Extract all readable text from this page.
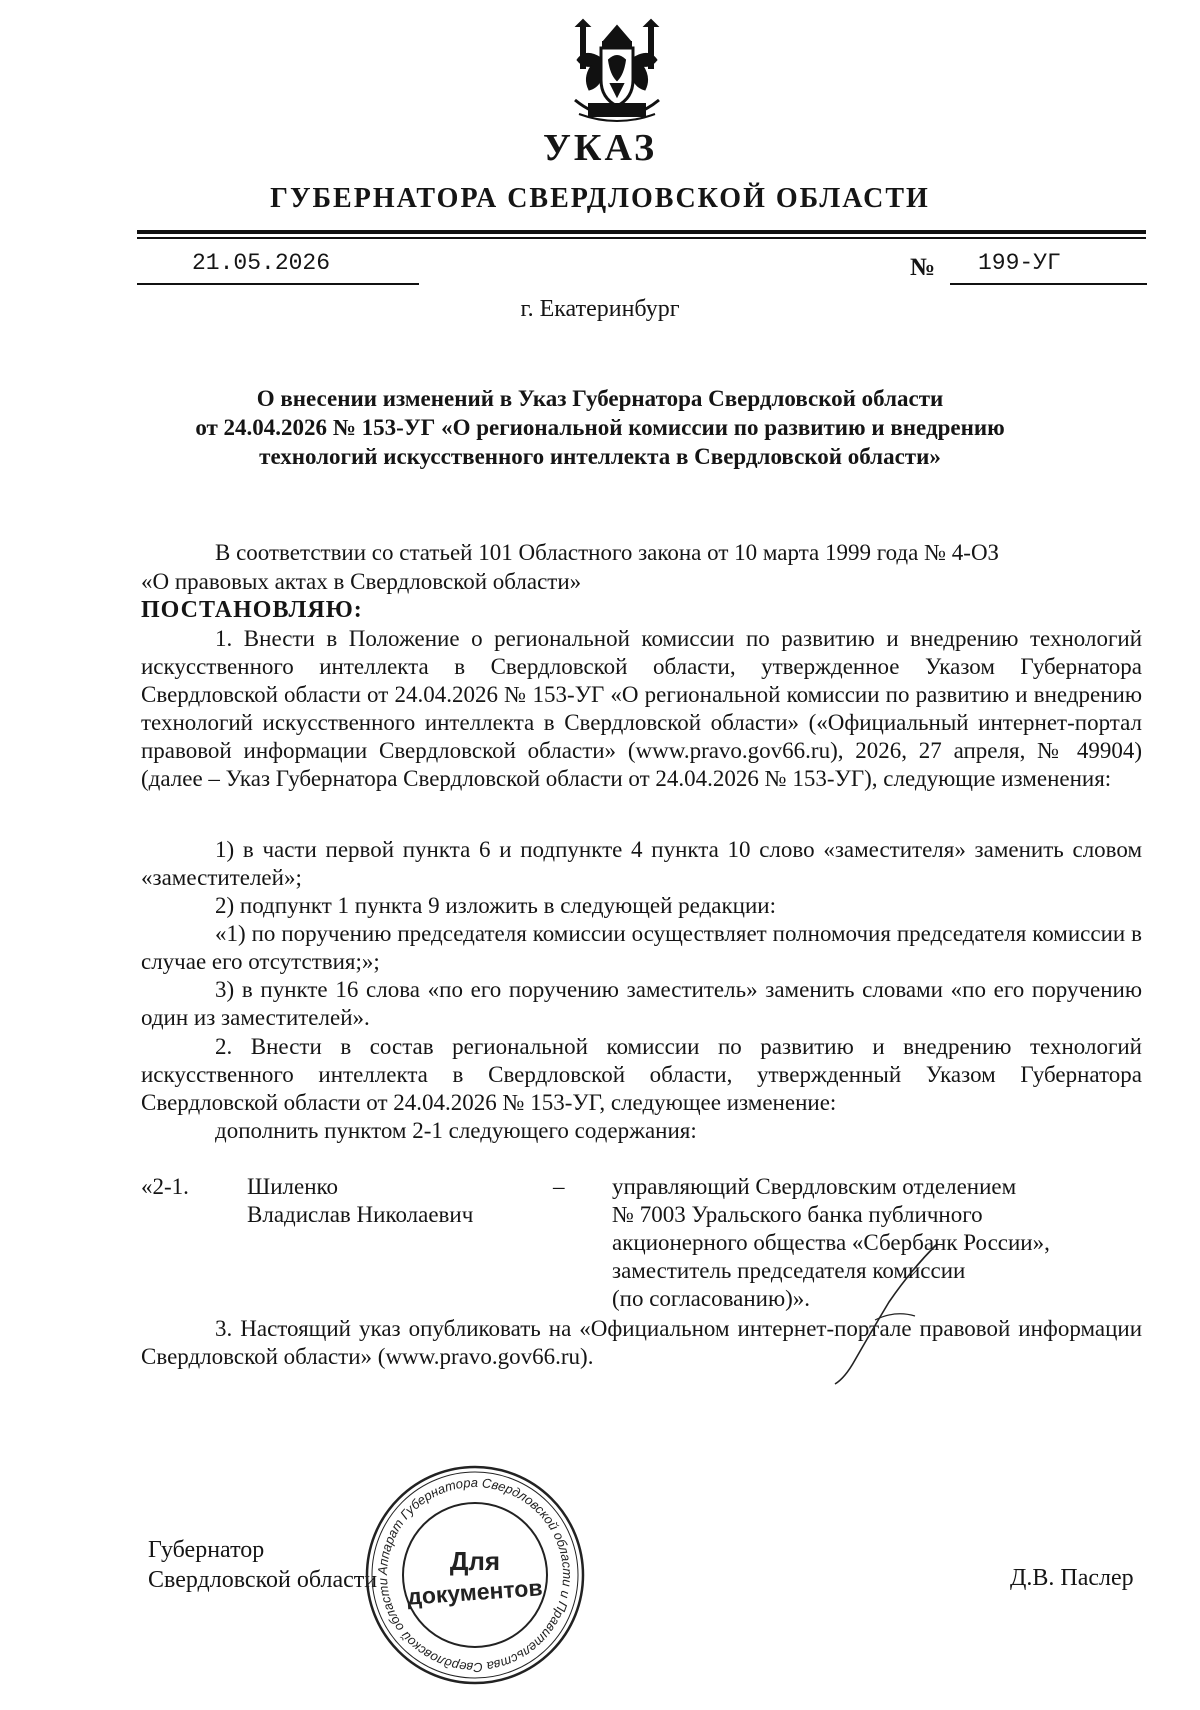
УКАЗ
ГУБЕРНАТОРА СВЕРДЛОВСКОЙ ОБЛАСТИ
21.05.2026	№ 199-УГ
г. Екатеринбург
О внесении изменений в Указ Губернатора Свердловской области
от 24.04.2026 № 153-УГ «О региональной комиссии по развитию и внедрению
технологий искусственного интеллекта в Свердловской области»
В соответствии со статьей 101 Областного закона от 10 марта 1999 года № 4-ОЗ
«О правовых актах в Свердловской области»
ПОСТАНОВЛЯЮ:
1. Внести в Положение о региональной комиссии по развитию и внедрению технологий искусственного интеллекта в Свердловской области, утвержденное Указом Губернатора Свердловской области от 24.04.2026 № 153-УГ «О региональной комиссии по развитию и внедрению технологий искусственного интеллекта в Свердловской области» («Официальный интернет-портал правовой информации Свердловской области» (www.pravo.gov66.ru), 2026, 27 апреля, № 49904) (далее – Указ Губернатора Свердловской области от 24.04.2026 № 153-УГ), следующие изменения:
1) в части первой пункта 6 и подпункте 4 пункта 10 слово «заместителя» заменить словом «заместителей»;
2) подпункт 1 пункта 9 изложить в следующей редакции:
«1) по поручению председателя комиссии осуществляет полномочия председателя комиссии в случае его отсутствия;»;
3) в пункте 16 слова «по его поручению заместитель» заменить словами «по его поручению один из заместителей».
2. Внести в состав региональной комиссии по развитию и внедрению технологий искусственного интеллекта в Свердловской области, утвержденный Указом Губернатора Свердловской области от 24.04.2026 № 153-УГ, следующее изменение:
дополнить пунктом 2-1 следующего содержания:
«2-1.	Шиленко
Владислав Николаевич
– управляющий Свердловским отделением
№ 7003 Уральского банка публичного
акционерного общества «Сбербанк России»,
заместитель председателя комиссии
(по согласованию)».
3. Настоящий указ опубликовать на «Официальном интернет-портале правовой информации Свердловской области» (www.pravo.gov66.ru).
Губернатор
Свердловской области	Д.В. Паслер
Аппарат Губернатора Свердловской области и Правительства Свердловской области
Для
документов
